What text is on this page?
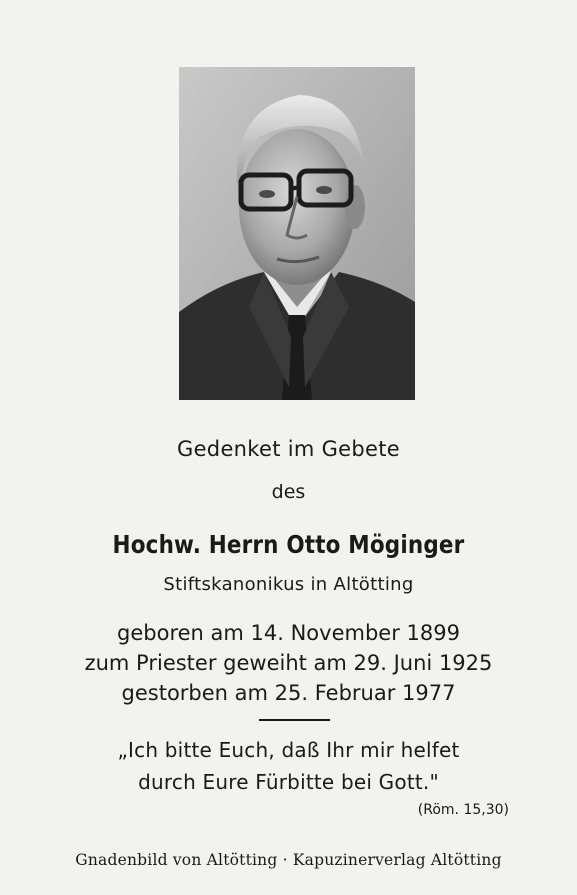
Gedenket im Gebete
des
Hochw. Herrn Otto Möginger
Stiftskanonikus in Altötting
geboren am 14. November 1899
zum Priester geweiht am 29. Juni 1925
gestorben am 25. Februar 1977
„Ich bitte Euch, daß Ihr mir helfet
durch Eure Fürbitte bei Gott."
(Röm. 15,30)
Gnadenbild von Altötting · Kapuzinerverlag Altötting
